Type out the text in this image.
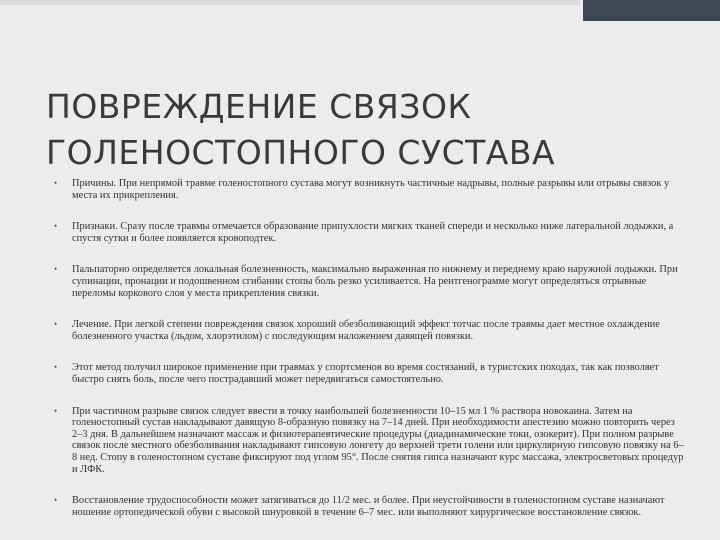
ПОВРЕЖДЕНИЕ СВЯЗОК
ГОЛЕНОСТОПНОГО СУСТАВА
• Причины. При непрямой травме голеностопного сустава могут возникнуть частичные надрывы, полные разрывы или отрывы связок у места их прикрепления.
• Признаки. Сразу после травмы отмечается образование припухлости мягких тканей спереди и несколько ниже латеральной лодыжки, а спустя сутки и более появляется кровоподтек.
• Пальпаторно определяется локальная болезненность, максимально выраженная по нижнему и переднему краю наружной лодыжки. При супинации, пронации и подошвенном сгибании стопы боль резко усиливается. На рентгенограмме могут определяться отрывные переломы коркового слоя у места прикрепления связки.
• Лечение. При легкой степени повреждения связок хороший обезболивающий эффект тотчас после травмы дает местное охлаждение болезненного участка (льдом, хлорэтилом) с последующим наложением давящей повязки.
• Этот метод получил широкое применение при травмах у спортсменов во время состязаний, в туристских походах, так как позволяет быстро снять боль, после чего пострадавший может передвигаться самостоятельно.
• При частичном разрыве связок следует ввести в точку наибольшей болезненности 10–15 мл 1 % раствора новокаина. Затем на голеностопный сустав накладывают давящую 8-образную повязку на 7–14 дней. При необходимости апестезию можно повторить через 2–3 дня. В дальнейшем назначают массаж и физиотерапевтические процедуры (диадинамические токи, озокерит). При полном разрыве связок после местного обезболивания накладывают гипсовую лонгету до верхней трети голени или циркулярную гипсовую повязку на 6–8 нед. Стопу в голеностопном суставе фиксируют под углом 95°. После снятия гипса назначают курс массажа, электросветовых процедур и ЛФК.
• Восстановление трудоспособности может затягиваться до 11/2 мес. и более. При неустойчивости в голеностопном суставе назначают ношение ортопедической обуви с высокой шнуровкой в течение 6–7 мес. или выполняют хирургическое восстановление связок.
